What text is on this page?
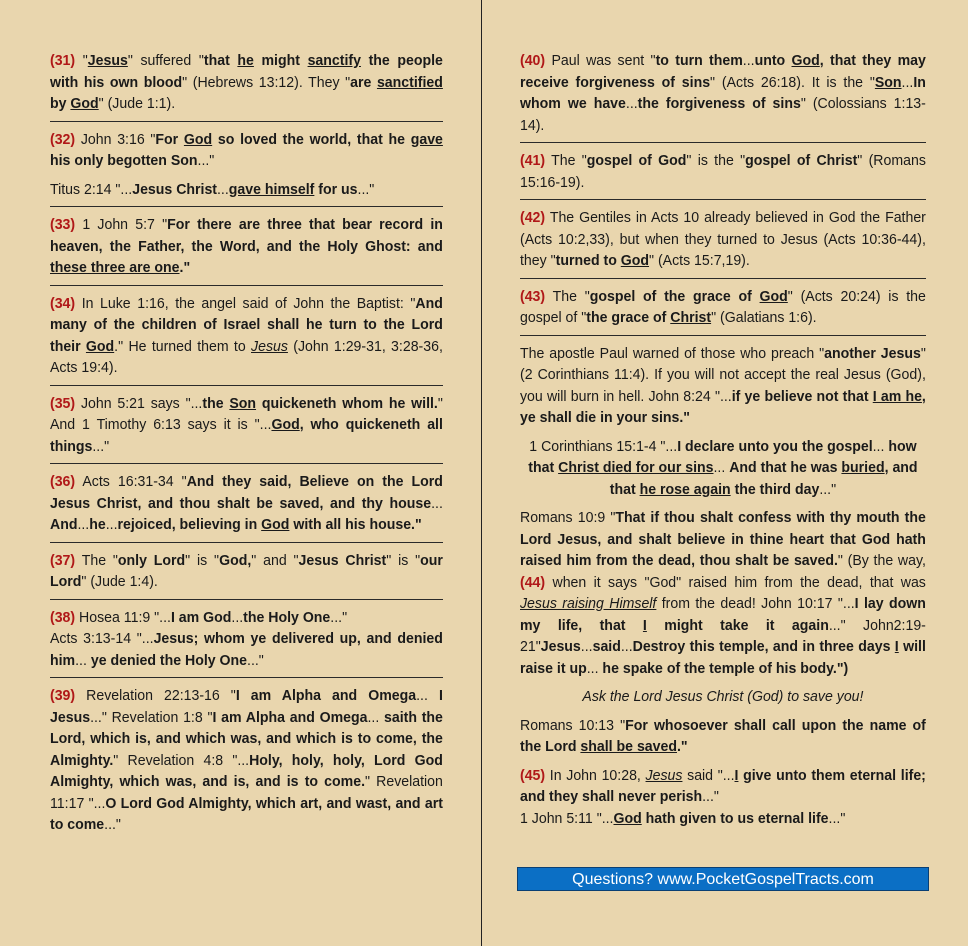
(31) "Jesus" suffered "that he might sanctify the people with his own blood" (Hebrews 13:12). They "are sanctified by God" (Jude 1:1).

(32) John 3:16 "For God so loved the world, that he gave his only begotten Son..."

Titus 2:14 "...Jesus Christ...gave himself for us..."

(33) 1 John 5:7 "For there are three that bear record in heaven, the Father, the Word, and the Holy Ghost: and these three are one."

(34) In Luke 1:16, the angel said of John the Baptist: "And many of the children of Israel shall he turn to the Lord their God." He turned them to Jesus (John 1:29-31, 3:28-36, Acts 19:4).

(35) John 5:21 says "...the Son quickeneth whom he will." And 1 Timothy 6:13 says it is "...God, who quickeneth all things..."

(36) Acts 16:31-34 "And they said, Believe on the Lord Jesus Christ, and thou shalt be saved, and thy house... And...he...rejoiced, believing in God with all his house."

(37) The "only Lord" is "God," and "Jesus Christ" is "our Lord" (Jude 1:4).

(38) Hosea 11:9 "...I am God...the Holy One..."

Acts 3:13-14 "...Jesus; whom ye delivered up, and denied him... ye denied the Holy One..."

(39) Revelation 22:13-16 "I am Alpha and Omega... I Jesus..." Revelation 1:8 "I am Alpha and Omega... saith the Lord, which is, and which was, and which is to come, the Almighty." Revelation 4:8 "...Holy, holy, holy, Lord God Almighty, which was, and is, and is to come." Revelation 11:17 "...O Lord God Almighty, which art, and wast, and art to come..."

(40) Paul was sent "to turn them...unto God, that they may receive forgiveness of sins" (Acts 26:18). It is the "Son...In whom we have...the forgiveness of sins" (Colossians 1:13-14).

(41) The "gospel of God" is the "gospel of Christ" (Romans 15:16-19).

(42) The Gentiles in Acts 10 already believed in God the Father (Acts 10:2,33), but when they turned to Jesus (Acts 10:36-44), they "turned to God" (Acts 15:7,19).

(43) The "gospel of the grace of God" (Acts 20:24) is the gospel of "the grace of Christ" (Galatians 1:6).

The apostle Paul warned of those who preach "another Jesus" (2 Corinthians 11:4). If you will not accept the real Jesus (God), you will burn in hell. John 8:24 "...if ye believe not that I am he, ye shall die in your sins."

1 Corinthians 15:1-4 "...I declare unto you the gospel... how that Christ died for our sins... And that he was buried, and that he rose again the third day..."

Romans 10:9 "That if thou shalt confess with thy mouth the Lord Jesus, and shalt believe in thine heart that God hath raised him from the dead, thou shalt be saved." (By the way, (44) when it says "God" raised him from the dead, that was Jesus raising Himself from the dead! John 10:17 "...I lay down my life, that I might take it again..." John2:19-21"Jesus...said...Destroy this temple, and in three days I will raise it up... he spake of the temple of his body.")

Ask the Lord Jesus Christ (God) to save you!

Romans 10:13 "For whosoever shall call upon the name of the Lord shall be saved."

(45) In John 10:28, Jesus said "...I give unto them eternal life; and they shall never perish..."

1 John 5:11 "...God hath given to us eternal life..."

Questions? www.PocketGospelTracts.com
